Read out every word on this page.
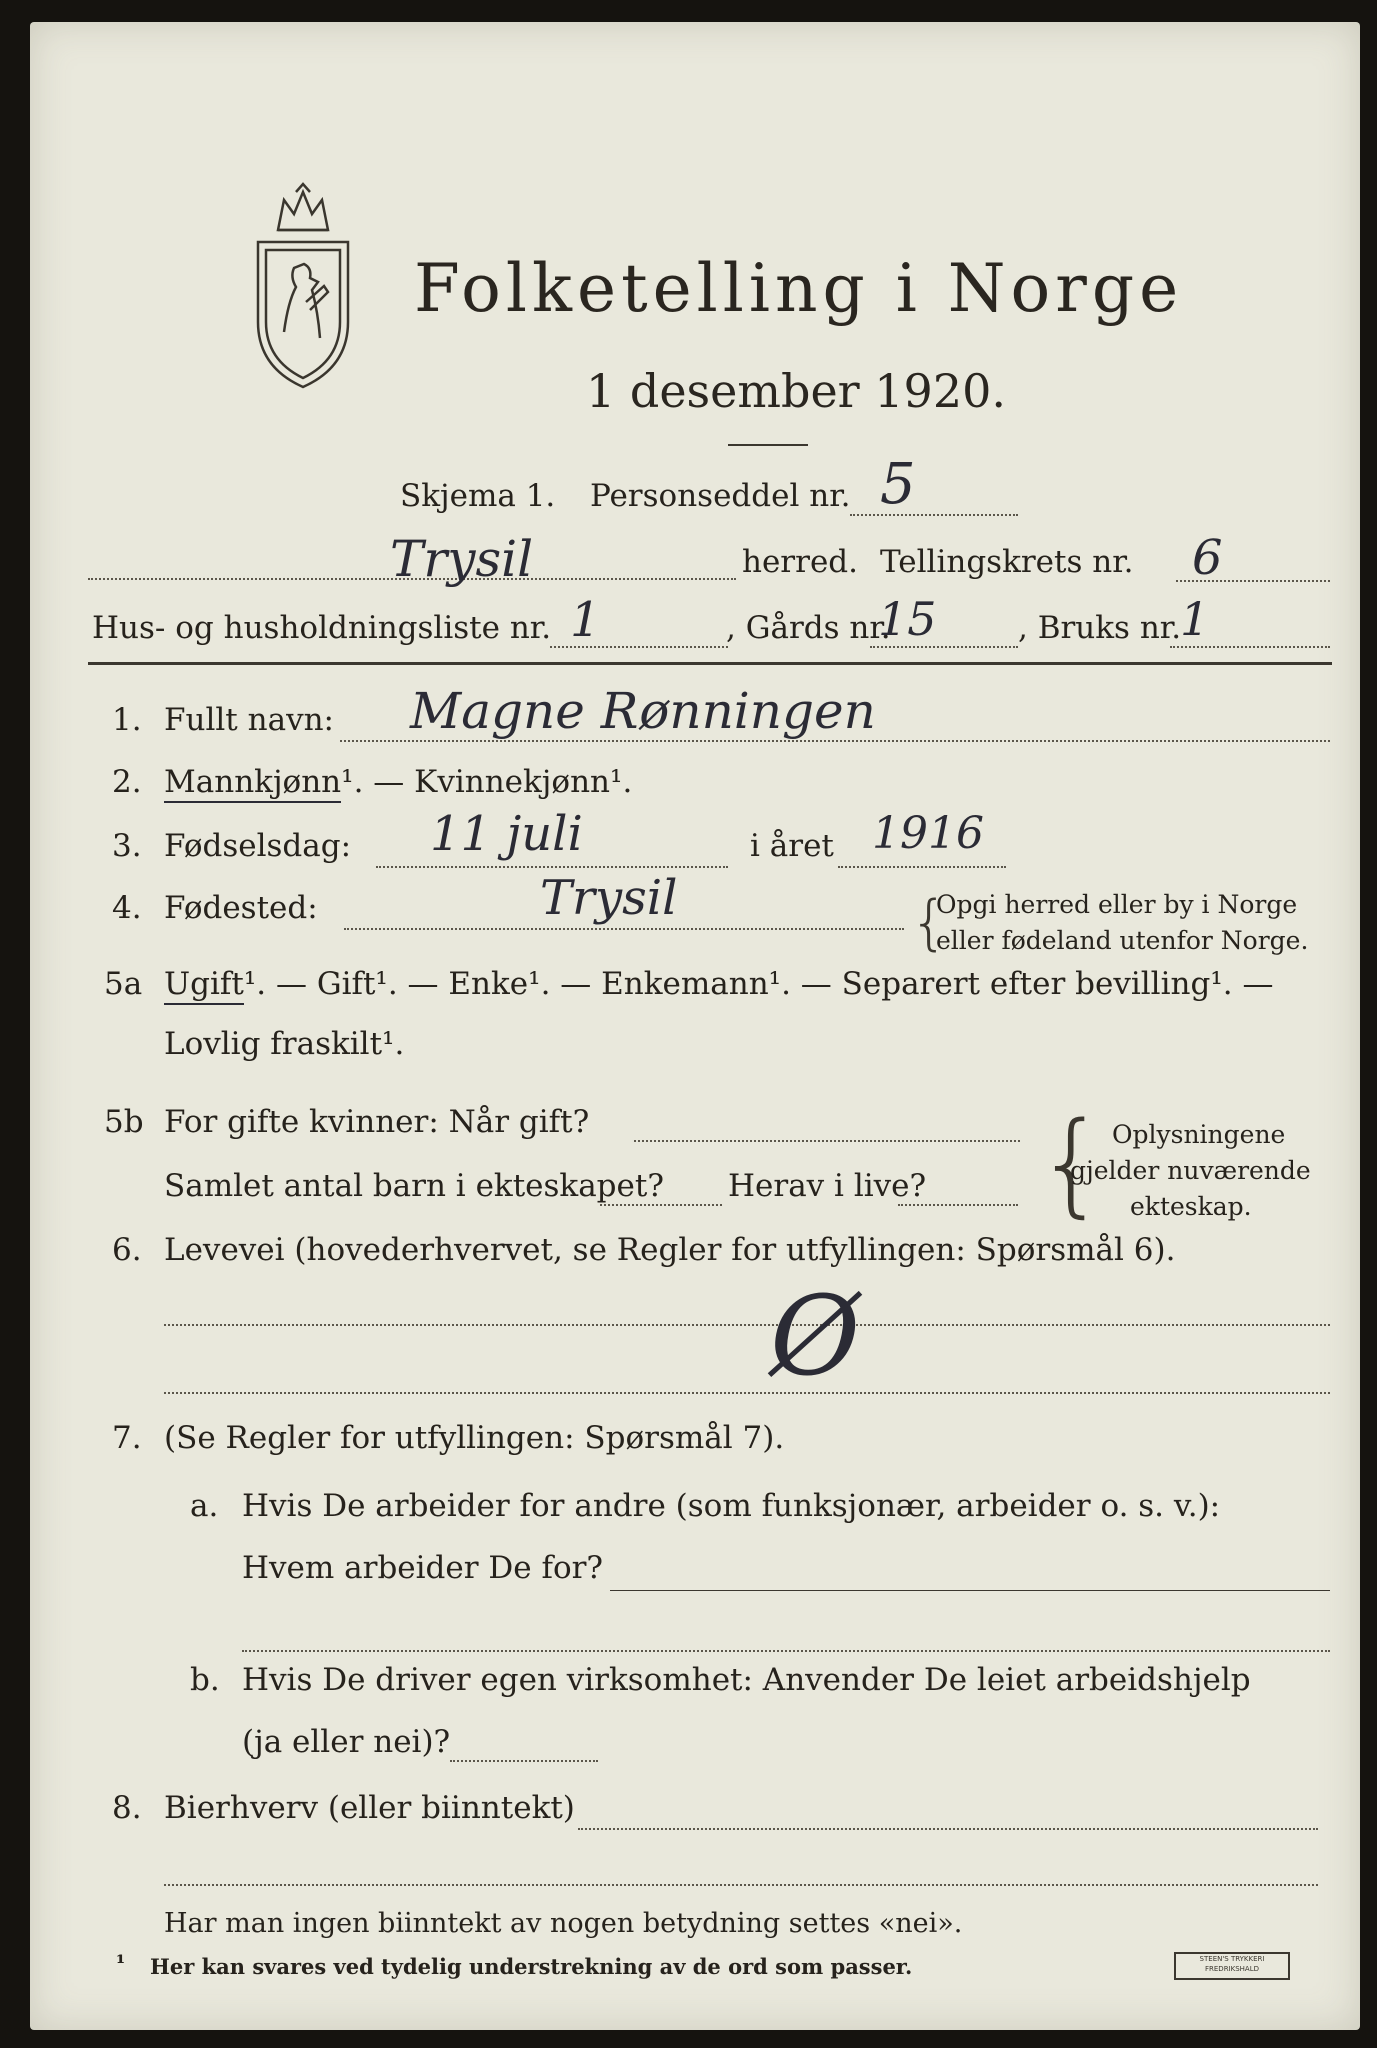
Folketelling i Norge
1 desember 1920.
Skjema 1. Personseddel nr. 5
Trysil	herred. Tellingskrets nr. 6
Hus- og husholdningsliste nr. 1	, Gårds nr.
15	, Bruks nr.
1
1. Fullt navn: Magne Rønningen
2. Mannkjønn¹. — Kvinnekjønn¹.
3. Fødselsdag: 11 juli	i året 1916
4. Fødested:	Trysil	{
Opgi herred eller by i Norge
eller fødeland utenfor Norge.
5a Ugift¹. — Gift¹. — Enke¹. — Enkemann¹. — Separert efter bevilling¹. —
Lovlig fraskilt¹.
5b For gifte kvinner: Når gift?
Samlet antal barn i ekteskapet? Herav i live? { Oplysningene
gjelder nuværende
ekteskap.
6. Levevei (hovederhvervet, se Regler for utfyllingen: Spørsmål 6).
Ø
7. (Se Regler for utfyllingen: Spørsmål 7).
a. Hvis De arbeider for andre (som funksjonær, arbeider o. s. v.):
Hvem arbeider De for?
b. Hvis De driver egen virksomhet: Anvender De leiet arbeidshjelp
(ja eller nei)?
8. Bierhverv (eller biinntekt)
Har man ingen biinntekt av nogen betydning settes «nei».
¹ Her kan svares ved tydelig understrekning av de ord som passer.	STEEN'S TRYKKERI
FREDRIKSHALD
